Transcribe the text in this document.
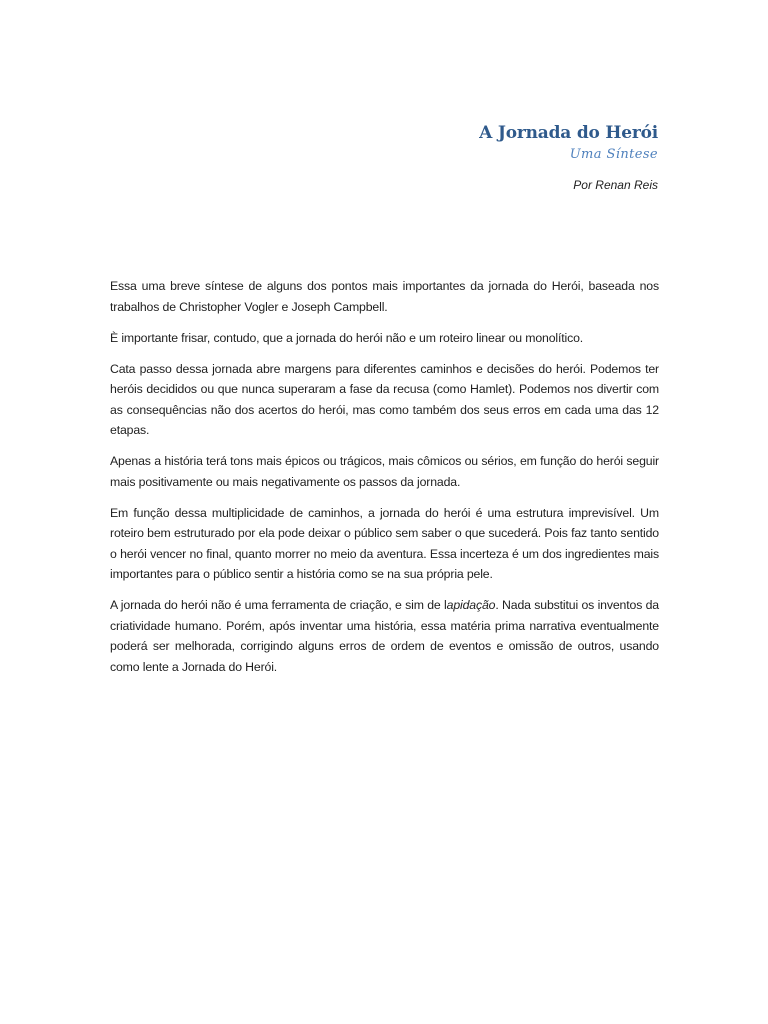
A Jornada do Herói
Uma Síntese
Por Renan Reis

Essa uma breve síntese de alguns dos pontos mais importantes da jornada do Herói, baseada nos trabalhos de Christopher Vogler e Joseph Campbell.

È importante frisar, contudo, que a jornada do herói não e um roteiro linear ou monolítico.

Cata passo dessa jornada abre margens para diferentes caminhos e decisões do herói. Podemos ter heróis decididos ou que nunca superaram a fase da recusa (como Hamlet). Podemos nos divertir com as consequências não dos acertos do herói, mas como também dos seus erros em cada uma das 12 etapas.

Apenas a história terá tons mais épicos ou trágicos, mais cômicos ou sérios, em função do herói seguir mais positivamente ou mais negativamente os passos da jornada.

Em função dessa multiplicidade de caminhos, a jornada do herói é uma estrutura imprevisível. Um roteiro bem estruturado por ela pode deixar o público sem saber o que sucederá. Pois faz tanto sentido o herói vencer no final, quanto morrer no meio da aventura. Essa incerteza é um dos ingredientes mais importantes para o público sentir a história como se na sua própria pele.

A jornada do herói não é uma ferramenta de criação, e sim de lapidação. Nada substitui os inventos da criatividade humano. Porém, após inventar uma história, essa matéria prima narrativa eventualmente poderá ser melhorada, corrigindo alguns erros de ordem de eventos e omissão de outros, usando como lente a Jornada do Herói.
